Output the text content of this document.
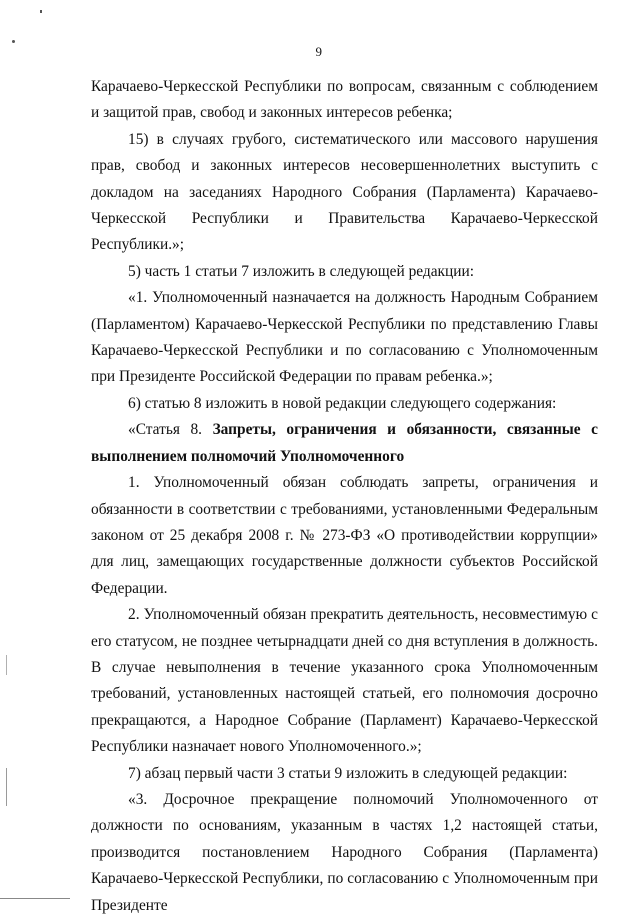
9

Карачаево-Черкесской Республики по вопросам, связанным с соблюдением и защитой прав, свобод и законных интересов ребенка;

15) в случаях грубого, систематического или массового нарушения прав, свобод и законных интересов несовершеннолетних выступить с докладом на заседаниях Народного Собрания (Парламента) Карачаево-Черкесской Республики и Правительства Карачаево-Черкесской Республики.»;

5) часть 1 статьи 7 изложить в следующей редакции:

«1. Уполномоченный назначается на должность Народным Собранием (Парламентом) Карачаево-Черкесской Республики по представлению Главы Карачаево-Черкесской Республики и по согласованию с Уполномоченным при Президенте Российской Федерации по правам ребенка.»;

6) статью 8 изложить в новой редакции следующего содержания:

«Статья 8. Запреты, ограничения и обязанности, связанные с выполнением полномочий Уполномоченного

1. Уполномоченный обязан соблюдать запреты, ограничения и обязанности в соответствии с требованиями, установленными Федеральным законом от 25 декабря 2008 г. № 273-ФЗ «О противодействии коррупции» для лиц, замещающих государственные должности субъектов Российской Федерации.

2. Уполномоченный обязан прекратить деятельность, несовместимую с его статусом, не позднее четырнадцати дней со дня вступления в должность. В случае невыполнения в течение указанного срока Уполномоченным требований, установленных настоящей статьей, его полномочия досрочно прекращаются, а Народное Собрание (Парламент) Карачаево-Черкесской Республики назначает нового Уполномоченного.»;

7) абзац первый части 3 статьи 9 изложить в следующей редакции:

«3. Досрочное прекращение полномочий Уполномоченного от должности по основаниям, указанным в частях 1,2 настоящей статьи, производится постановлением Народного Собрания (Парламента) Карачаево-Черкесской Республики, по согласованию с Уполномоченным при Президенте
